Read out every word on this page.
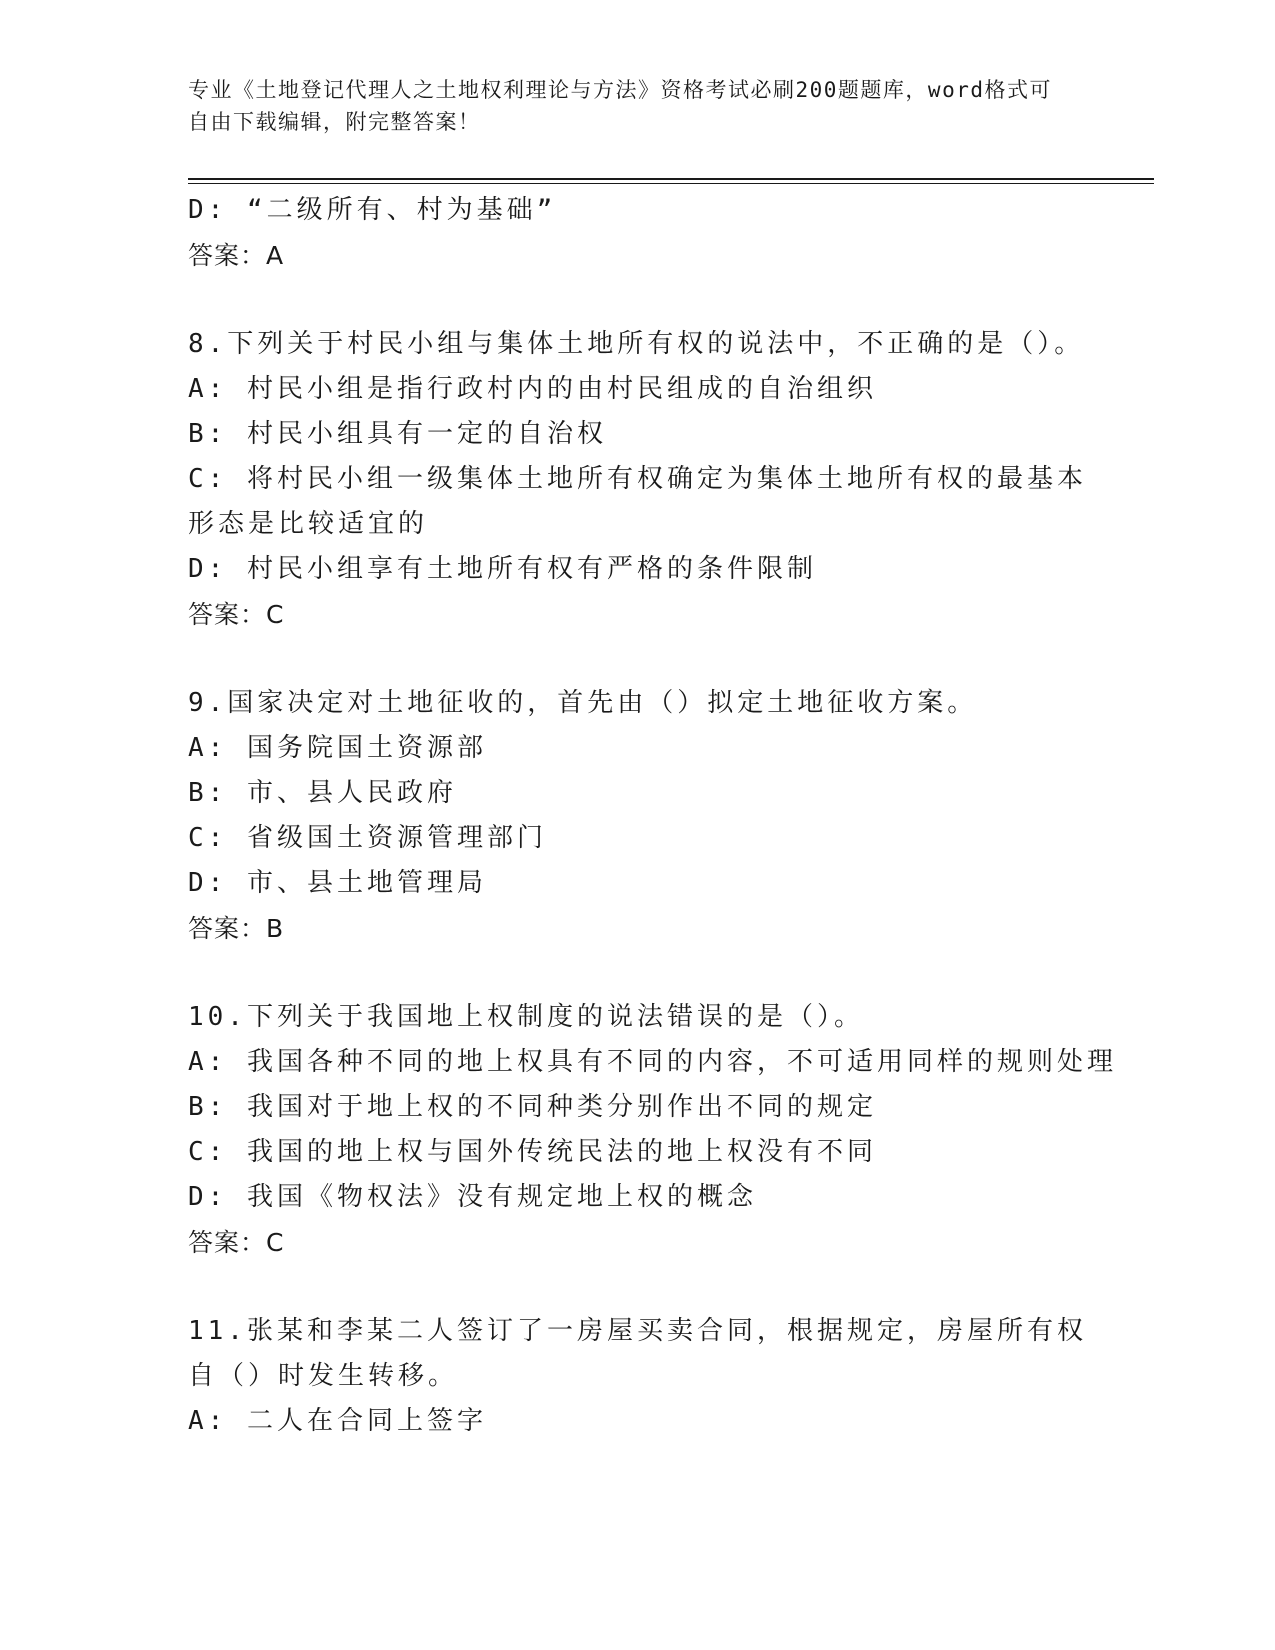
专业《土地登记代理人之土地权利理论与方法》资格考试必刷200题题库，word格式可自由下载编辑，附完整答案！

D: “二级所有、村为基础”

答案：A

8.下列关于村民小组与集体土地所有权的说法中，不正确的是（）。

A: 村民小组是指行政村内的由村民组成的自治组织

B: 村民小组具有一定的自治权

C: 将村民小组一级集体土地所有权确定为集体土地所有权的最基本形态是比较适宜的

D: 村民小组享有土地所有权有严格的条件限制

答案：C

9.国家决定对土地征收的，首先由（）拟定土地征收方案。

A: 国务院国土资源部

B: 市、县人民政府

C: 省级国土资源管理部门

D: 市、县土地管理局

答案：B

10.下列关于我国地上权制度的说法错误的是（）。

A: 我国各种不同的地上权具有不同的内容，不可适用同样的规则处理

B: 我国对于地上权的不同种类分别作出不同的规定

C: 我国的地上权与国外传统民法的地上权没有不同

D: 我国《物权法》没有规定地上权的概念

答案：C

11.张某和李某二人签订了一房屋买卖合同，根据规定，房屋所有权自（）时发生转移。

A: 二人在合同上签字
